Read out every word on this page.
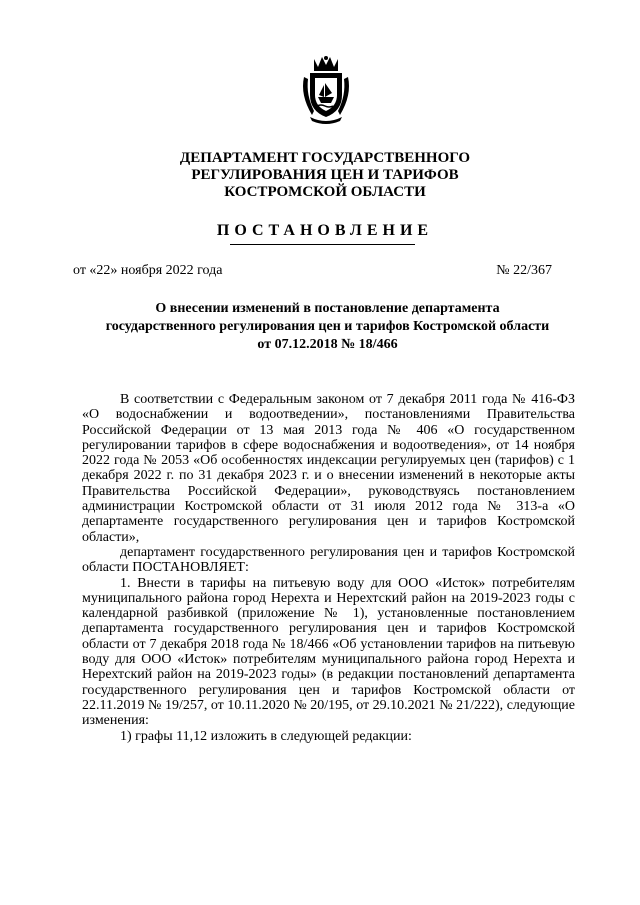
ДЕПАРТАМЕНТ ГОСУДАРСТВЕННОГО
РЕГУЛИРОВАНИЯ ЦЕН И ТАРИФОВ
КОСТРОМСКОЙ ОБЛАСТИ
ПОСТАНОВЛЕНИЕ
от «22» ноября 2022 года	№ 22/367
О внесении изменений в постановление департамента
государственного регулирования цен и тарифов Костромской области
от 07.12.2018 № 18/466

В соответствии с Федеральным законом от 7 декабря 2011 года № 416-ФЗ «О водоснабжении и водоотведении», постановлениями Правительства Российской Федерации от 13 мая 2013 года № 406 «О государственном регулировании тарифов в сфере водоснабжения и водоотведения», от 14 ноября 2022 года № 2053 «Об особенностях индексации регулируемых цен (тарифов) с 1 декабря 2022 г. по 31 декабря 2023 г. и о внесении изменений в некоторые акты Правительства Российской Федерации», руководствуясь постановлением администрации Костромской области от 31 июля 2012 года № 313-а «О департаменте государственного регулирования цен и тарифов Костромской области»,

департамент государственного регулирования цен и тарифов Костромской области ПОСТАНОВЛЯЕТ:

1. Внести в тарифы на питьевую воду для ООО «Исток» потребителям муниципального района город Нерехта и Нерехтский район на 2019-2023 годы с календарной разбивкой (приложение № 1), установленные постановлением департамента государственного регулирования цен и тарифов Костромской области от 7 декабря 2018 года № 18/466 «Об установлении тарифов на питьевую воду для ООО «Исток» потребителям муниципального района город Нерехта и Нерехтский район на 2019-2023 годы» (в редакции постановлений департамента государственного регулирования цен и тарифов Костромской области от 22.11.2019 № 19/257, от 10.11.2020 № 20/195, от 29.10.2021 № 21/222), следующие изменения:

1) графы 11,12 изложить в следующей редакции:
